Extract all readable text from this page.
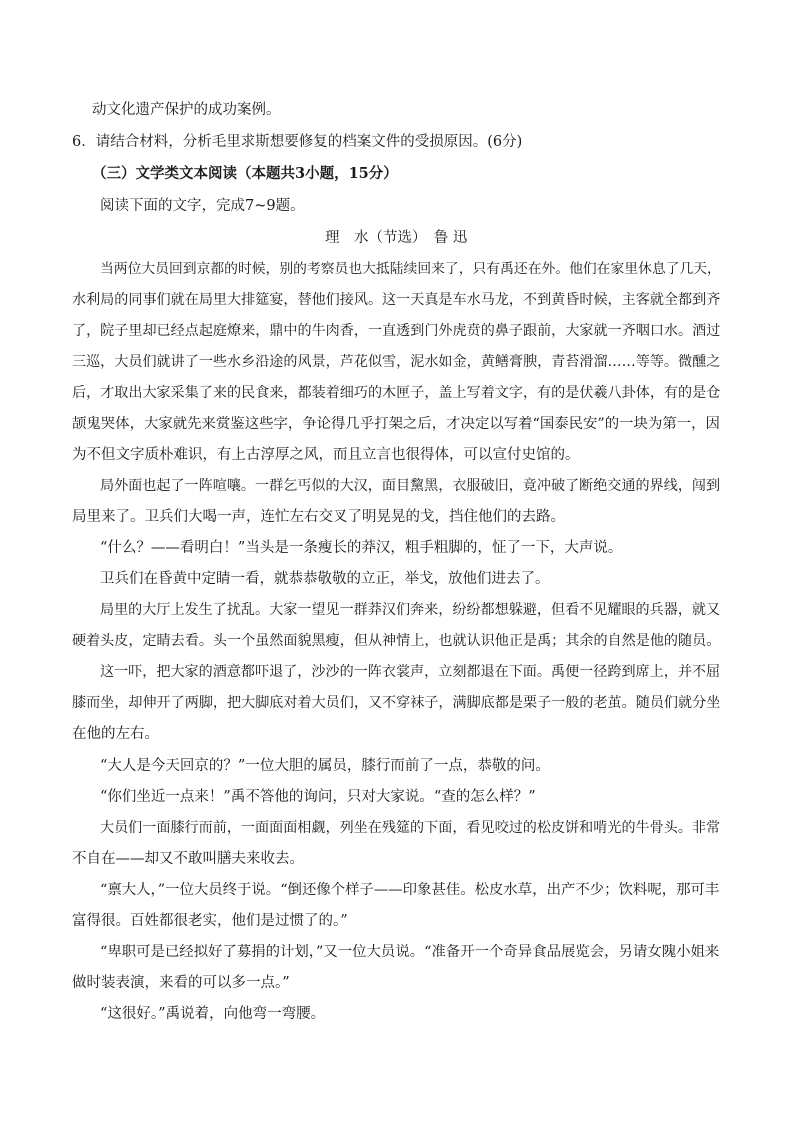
动文化遗产保护的成功案例。
6．请结合材料，分析毛里求斯想要修复的档案文件的受损原因。(6分)
（三）文学类文本阅读（本题共3小题，15分）
阅读下面的文字，完成7~9题。
理　水（节选）　鲁 迅
当两位大员回到京都的时候，别的考察员也大抵陆续回来了，只有禹还在外。他们在家里休息了几天，
水利局的同事们就在局里大排筵宴，替他们接风。这一天真是车水马龙，不到黄昏时候，主客就全都到齐
了，院子里却已经点起庭燎来，鼎中的牛肉香，一直透到门外虎贲的鼻子跟前，大家就一齐咽口水。酒过
三巡，大员们就讲了一些水乡沿途的风景，芦花似雪，泥水如金，黄鳝膏腴，青苔滑溜……等等。微醺之
后，才取出大家采集了来的民食来，都装着细巧的木匣子，盖上写着文字，有的是伏羲八卦体，有的是仓
颉鬼哭体，大家就先来赏鉴这些字，争论得几乎打架之后，才决定以写着“国泰民安”的一块为第一，因
为不但文字质朴难识，有上古淳厚之风，而且立言也很得体，可以宣付史馆的。
局外面也起了一阵喧嚷。一群乞丐似的大汉，面目黧黑，衣服破旧，竟冲破了断绝交通的界线，闯到
局里来了。卫兵们大喝一声，连忙左右交叉了明晃晃的戈，挡住他们的去路。
“什么？——看明白！”当头是一条瘦长的莽汉，粗手粗脚的，怔了一下，大声说。
卫兵们在昏黄中定睛一看，就恭恭敬敬的立正，举戈，放他们进去了。
局里的大厅上发生了扰乱。大家一望见一群莽汉们奔来，纷纷都想躲避，但看不见耀眼的兵器，就又
硬着头皮，定睛去看。头一个虽然面貌黑瘦，但从神情上，也就认识他正是禹；其余的自然是他的随员。
这一吓，把大家的酒意都吓退了，沙沙的一阵衣裳声，立刻都退在下面。禹便一径跨到席上，并不屈
膝而坐，却伸开了两脚，把大脚底对着大员们，又不穿袜子，满脚底都是栗子一般的老茧。随员们就分坐
在他的左右。
“大人是今天回京的？”一位大胆的属员，膝行而前了一点，恭敬的问。
“你们坐近一点来！”禹不答他的询问，只对大家说。“查的怎么样？”
大员们一面膝行而前，一面面面相觑，列坐在残筵的下面，看见咬过的松皮饼和啃光的牛骨头。非常
不自在——却又不敢叫膳夫来收去。
“禀大人，”一位大员终于说。“倒还像个样子——印象甚佳。松皮水草，出产不少；饮料呢，那可丰
富得很。百姓都很老实，他们是过惯了的。”
“卑职可是已经拟好了募捐的计划，”又一位大员说。“准备开一个奇异食品展览会，另请女隗小姐来
做时装表演，来看的可以多一点。”
“这很好。”禹说着，向他弯一弯腰。
